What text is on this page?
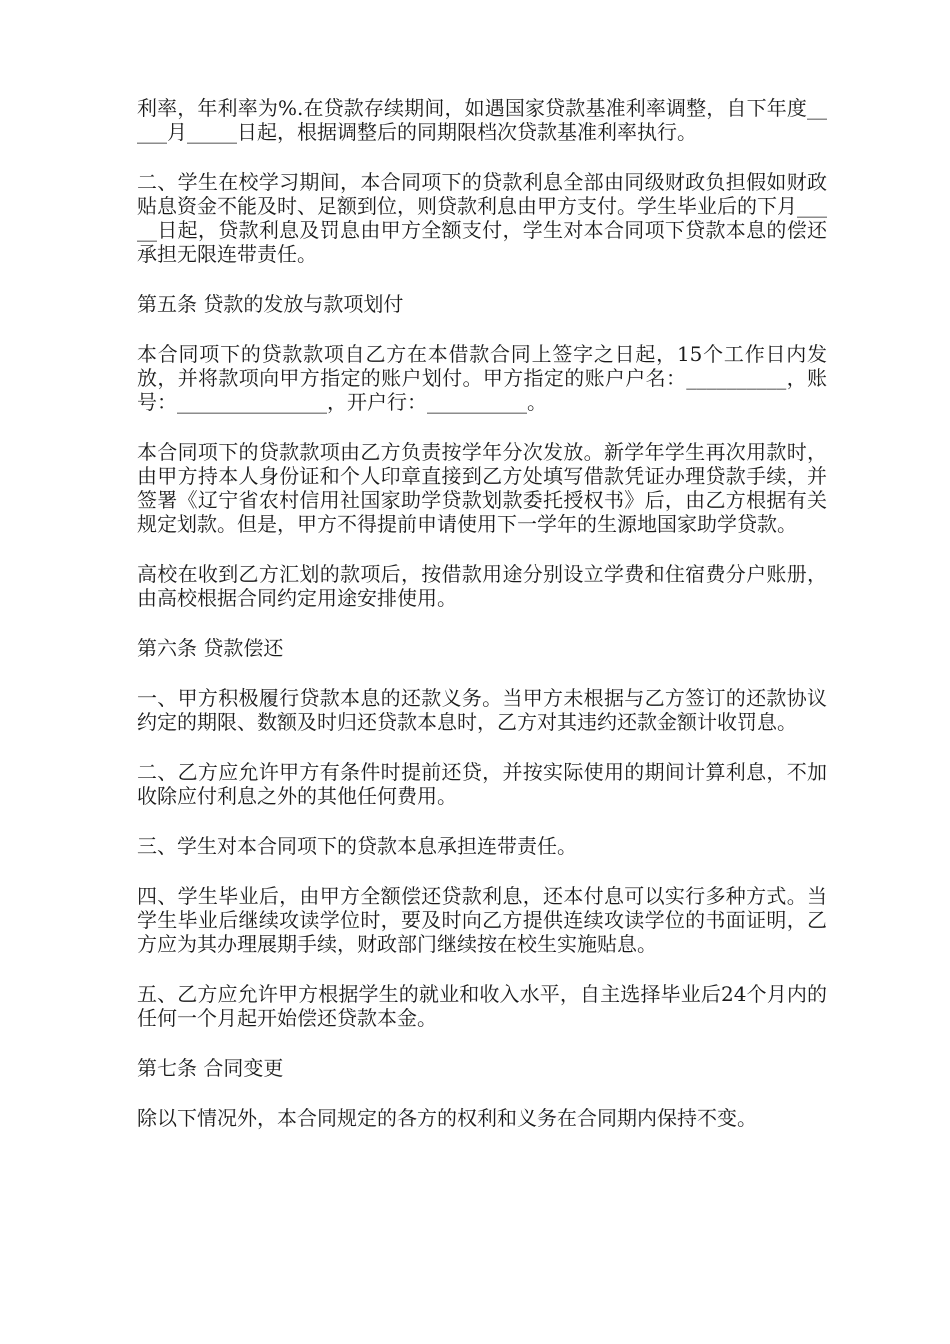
利率，年利率为%.在贷款存续期间，如遇国家贷款基准利率调整，自下年度_____月_____日起，根据调整后的同期限档次贷款基准利率执行。

二、学生在校学习期间，本合同项下的贷款利息全部由同级财政负担假如财政贴息资金不能及时、足额到位，则贷款利息由甲方支付。学生毕业后的下月_____日起，贷款利息及罚息由甲方全额支付，学生对本合同项下贷款本息的偿还承担无限连带责任。

第五条 贷款的发放与款项划付

本合同项下的贷款款项自乙方在本借款合同上签字之日起，15个工作日内发放，并将款项向甲方指定的账户划付。甲方指定的账户户名：__________，账号：_______________，开户行：__________。

本合同项下的贷款款项由乙方负责按学年分次发放。新学年学生再次用款时，由甲方持本人身份证和个人印章直接到乙方处填写借款凭证办理贷款手续，并签署《辽宁省农村信用社国家助学贷款划款委托授权书》后，由乙方根据有关规定划款。但是，甲方不得提前申请使用下一学年的生源地国家助学贷款。

高校在收到乙方汇划的款项后，按借款用途分别设立学费和住宿费分户账册，由高校根据合同约定用途安排使用。

第六条 贷款偿还

一、甲方积极履行贷款本息的还款义务。当甲方未根据与乙方签订的还款协议约定的期限、数额及时归还贷款本息时，乙方对其违约还款金额计收罚息。

二、乙方应允许甲方有条件时提前还贷，并按实际使用的期间计算利息，不加收除应付利息之外的其他任何费用。

三、学生对本合同项下的贷款本息承担连带责任。

四、学生毕业后，由甲方全额偿还贷款利息，还本付息可以实行多种方式。当学生毕业后继续攻读学位时，要及时向乙方提供连续攻读学位的书面证明，乙方应为其办理展期手续，财政部门继续按在校生实施贴息。

五、乙方应允许甲方根据学生的就业和收入水平，自主选择毕业后24个月内的任何一个月起开始偿还贷款本金。

第七条 合同变更

除以下情况外，本合同规定的各方的权利和义务在合同期内保持不变。
